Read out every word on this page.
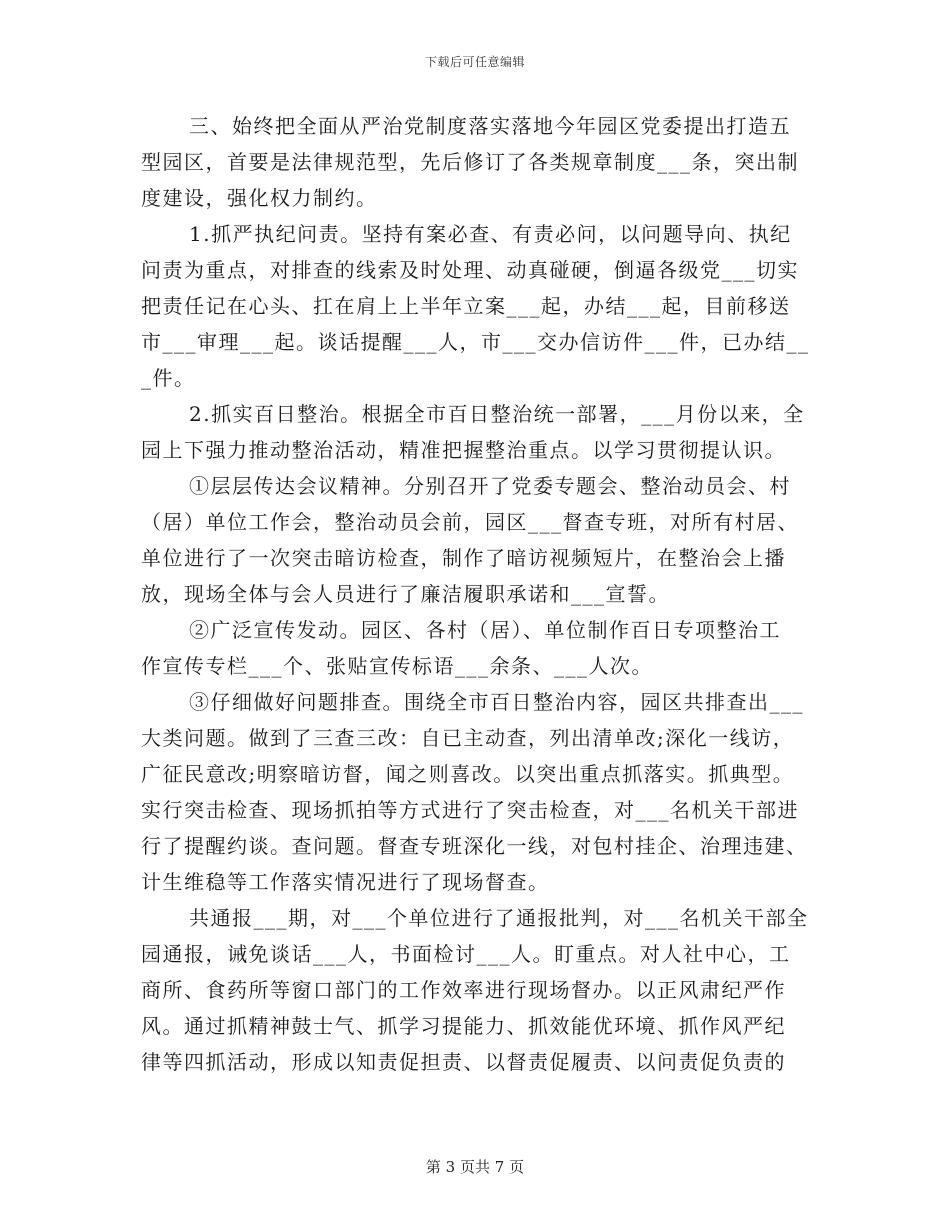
下载后可任意编辑
三、始终把全面从严治党制度落实落地今年园区党委提出打造五
型园区，首要是法律规范型，先后修订了各类规章制度___条，突出制
度建设，强化权力制约。
1.抓严执纪问责。坚持有案必查、有责必问，以问题导向、执纪
问责为重点，对排查的线索及时处理、动真碰硬，倒逼各级党___切实
把责任记在心头、扛在肩上上半年立案___起，办结___起，目前移送
市___审理___起。谈话提醒___人，市___交办信访件___件，已办结__
_件。
2.抓实百日整治。根据全市百日整治统一部署，___月份以来，全
园上下强力推动整治活动，精准把握整治重点。以学习贯彻提认识。
①层层传达会议精神。分别召开了党委专题会、整治动员会、村
（居）单位工作会，整治动员会前，园区___督查专班，对所有村居、
单位进行了一次突击暗访检查，制作了暗访视频短片，在整治会上播
放，现场全体与会人员进行了廉洁履职承诺和___宣誓。
②广泛宣传发动。园区、各村（居）、单位制作百日专项整治工
作宣传专栏___个、张贴宣传标语___余条、___人次。
③仔细做好问题排查。围绕全市百日整治内容，园区共排查出___
大类问题。做到了三查三改：自已主动查，列出清单改;深化一线访，
广征民意改;明察暗访督，闻之则喜改。以突出重点抓落实。抓典型。
实行突击检查、现场抓拍等方式进行了突击检查，对___名机关干部进
行了提醒约谈。查问题。督查专班深化一线，对包村挂企、治理违建、
计生维稳等工作落实情况进行了现场督查。
共通报___期，对___个单位进行了通报批判，对___名机关干部全
园通报，诫免谈话___人，书面检讨___人。盯重点。对人社中心，工
商所、食药所等窗口部门的工作效率进行现场督办。以正风肃纪严作
风。通过抓精神鼓士气、抓学习提能力、抓效能优环境、抓作风严纪
律等四抓活动，形成以知责促担责、以督责促履责、以问责促负责的
第 3 页共 7 页
